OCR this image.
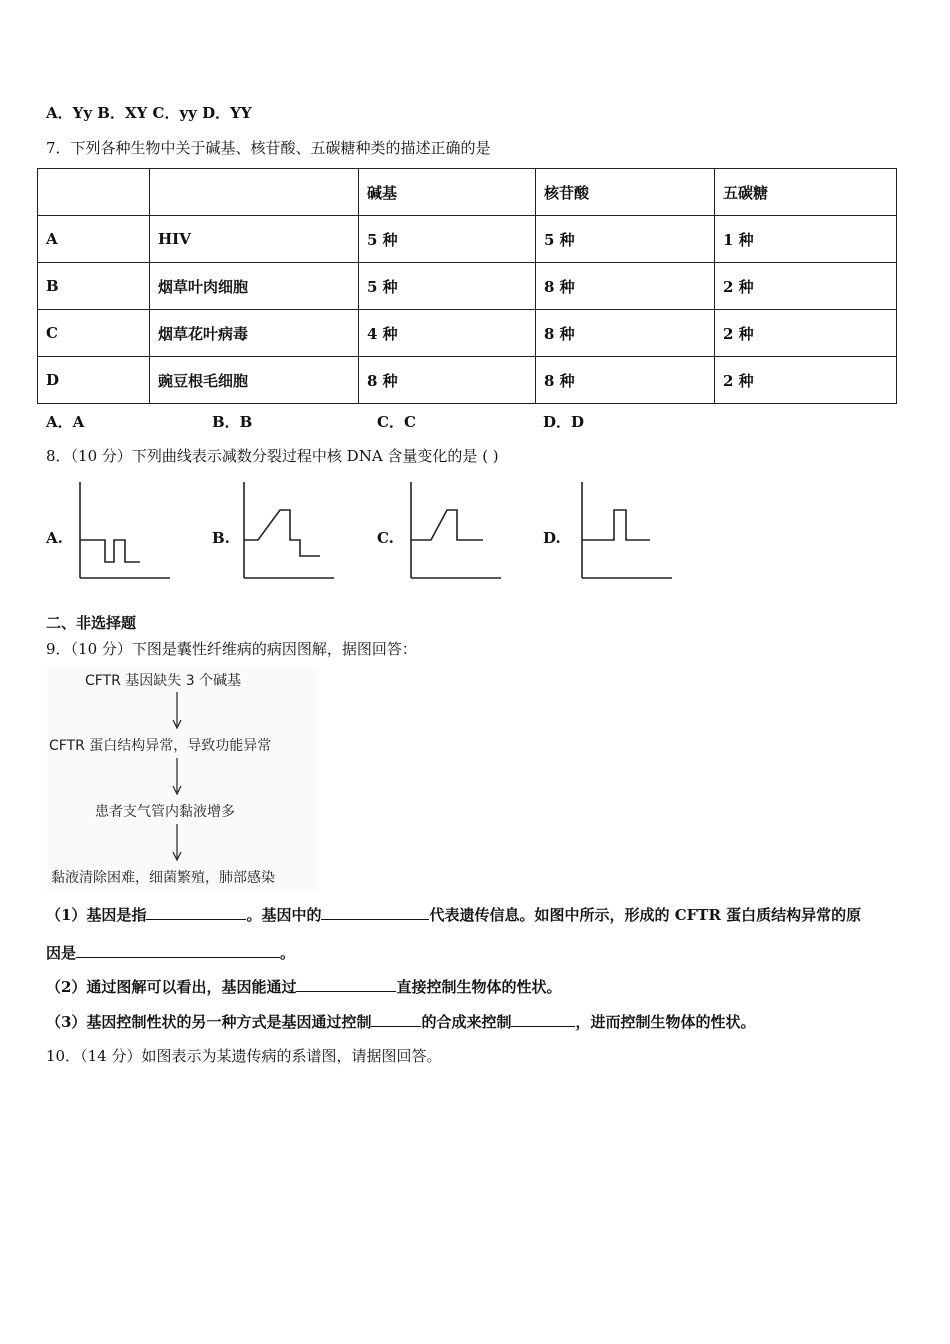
A．Yy B．XY C．yy D．YY
7．下列各种生物中关于碱基、核苷酸、五碳糖种类的描述正确的是
		碱基	核苷酸	五碳糖
A	HIV	5 种	5 种	1 种
B	烟草叶肉细胞	5 种	8 种	2 种
C	烟草花叶病毒	4 种	8 种	2 种
D	豌豆根毛细胞	8 种	8 种	2 种
A．A	B．B	C．C	D．D
8．（10 分）下列曲线表示减数分裂过程中核 DNA 含量变化的是 ( )
A.	B.	C.	D.
二、非选择题
9．（10 分）下图是囊性纤维病的病因图解，据图回答：
CFTR 基因缺失 3 个碱基
CFTR 蛋白结构异常，导致功能异常
患者支气管内黏液增多
黏液清除困难，细菌繁殖，肺部感染
（1）基因是指	。基因中的	代表遗传信息。如图中所示，形成的 CFTR 蛋白质结构异常的原
因是	。
（2）通过图解可以看出，基因能通过	直接控制生物体的性状。
（3）基因控制性状的另一种方式是基因通过控制	的合成来控制	，进而控制生物体的性状。
10．（14 分）如图表示为某遗传病的系谱图，请据图回答。
